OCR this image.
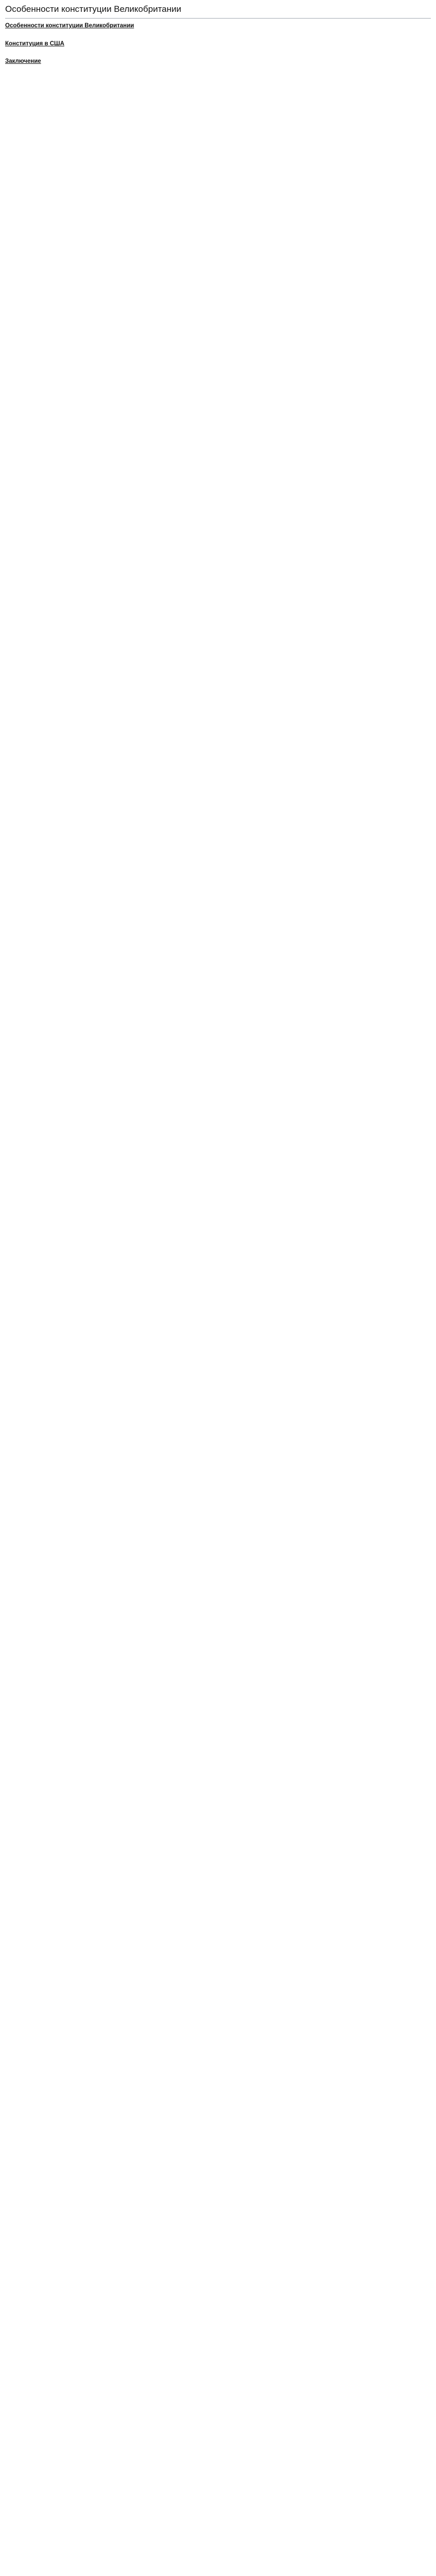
Особенности конституции Великобритании
Особенности конституции Великобритании

Конституция в США

Заключение
